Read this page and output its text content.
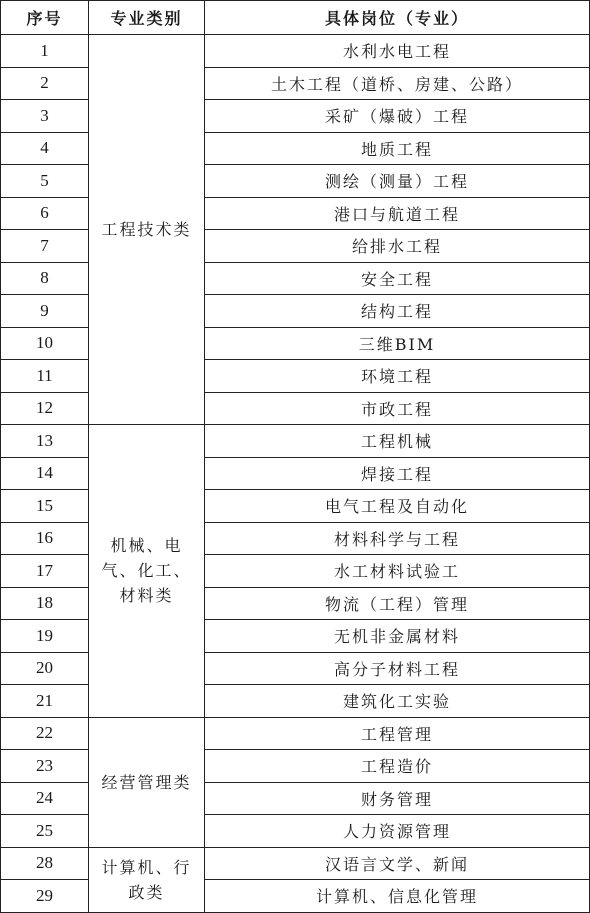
序号	专业类别	具体岗位（专业）
1	工程技术类	水利水电工程
2		土木工程（道桥、房建、公路）
3		采矿（爆破）工程
4		地质工程
5		测绘（测量）工程
6		港口与航道工程
7		给排水工程
8		安全工程
9		结构工程
10		三维BIM
11		环境工程
12		市政工程
13	机械、电气、化工、材料类	工程机械
14		焊接工程
15		电气工程及自动化
16		材料科学与工程
17		水工材料试验工
18		物流（工程）管理
19		无机非金属材料
20		高分子材料工程
21		建筑化工实验
22	经营管理类	工程管理
23		工程造价
24		财务管理
25		人力资源管理
28	计算机、行政类	汉语言文学、新闻
29		计算机、信息化管理
